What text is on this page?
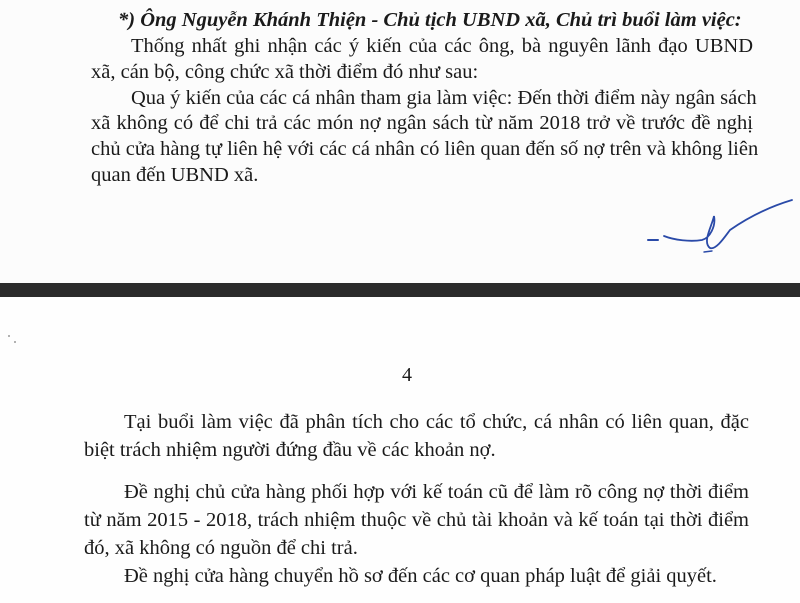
*) Ông Nguyễn Khánh Thiện - Chủ tịch UBND xã, Chủ trì buổi làm việc:

Thống nhất ghi nhận các ý kiến của các ông, bà nguyên lãnh đạo UBND

xã, cán bộ, công chức xã thời điểm đó như sau:

Qua ý kiến của các cá nhân tham gia làm việc: Đến thời điểm này ngân sách

xã không có để chi trả các món nợ ngân sách từ năm 2018 trở về trước đề nghị

chủ cửa hàng tự liên hệ với các cá nhân có liên quan đến số nợ trên và không liên

quan đến UBND xã.

4

Tại buổi làm việc đã phân tích cho các tổ chức, cá nhân có liên quan, đặc

biệt trách nhiệm người đứng đầu về các khoản nợ.

Đề nghị chủ cửa hàng phối hợp với kế toán cũ để làm rõ công nợ thời điểm

từ năm 2015 - 2018, trách nhiệm thuộc về chủ tài khoản và kế toán tại thời điểm

đó, xã không có nguồn để chi trả.

Đề nghị cửa hàng chuyển hồ sơ đến các cơ quan pháp luật để giải quyết.
